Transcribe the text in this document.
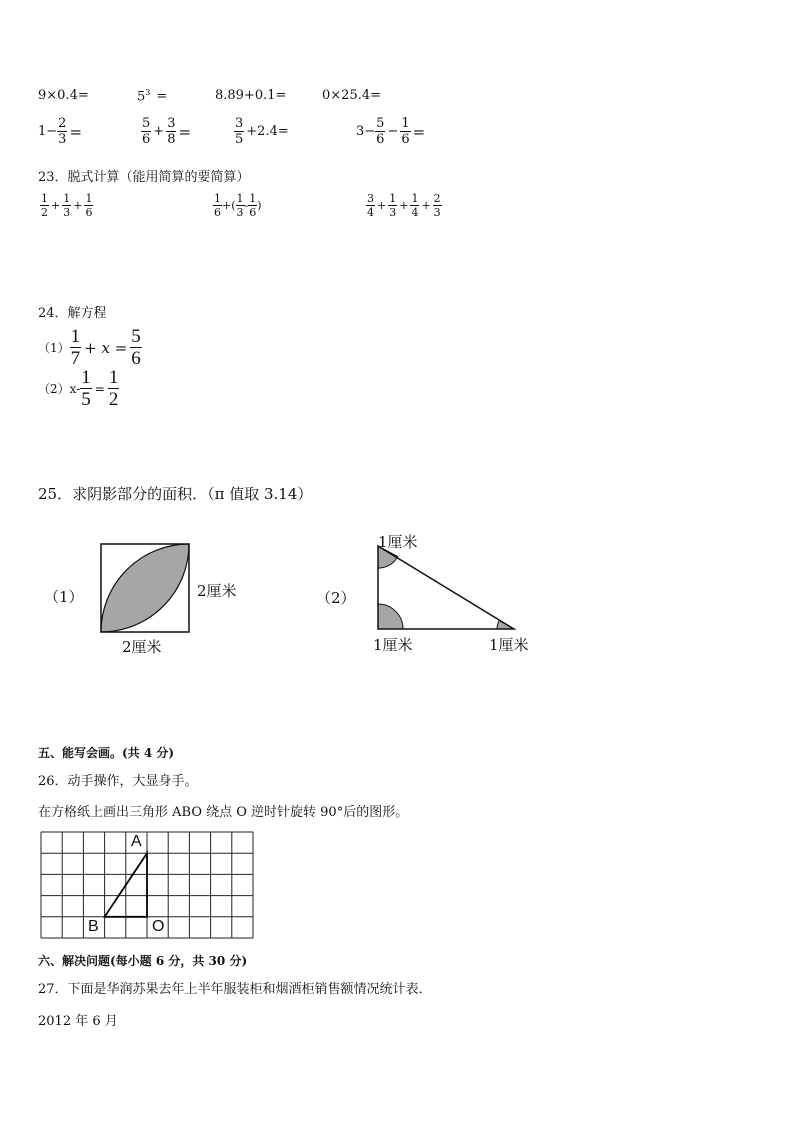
9×0.4=	$5^3$ =	8.89+0.1=	0×25.4=
$1- \frac{2}{3}$ =	$\frac{5}{6} + \frac{3}{8}$ =	$\frac{3}{5} +2.4=$	$3- \frac{5}{6} - \frac{1}{6}$ =
23．脱式计算（能用简算的要简算）
$\frac{1}{2} + \frac{1}{3} + \frac{1}{6}$	$\frac{1}{6}$ +( $\frac{1}{3} - \frac{1}{6}$ )	$\frac{3}{4} + \frac{1}{3} + \frac{1}{4} + \frac{2}{3}$
24．解方程
$(1) \frac{1}{7} + x = \frac{5}{6}$
$(2)x- \frac{1}{5} = \frac{1}{2}$
25．求阴影部分的面积．（π 值取 3.14）
（1）	2厘米
2厘米
（2）
1厘米
1厘米	1厘米
五、能写会画。(共 4 分)
26．动手操作，大显身手。
在方格纸上画出三角形 ABO 绕点 O 逆时针旋转 90°后的图形。
A
B	O
六、解决问题(每小题 6 分，共 30 分)
27．下面是华润苏果去年上半年服装柜和烟酒柜销售额情况统计表．
2012 年 6 月
